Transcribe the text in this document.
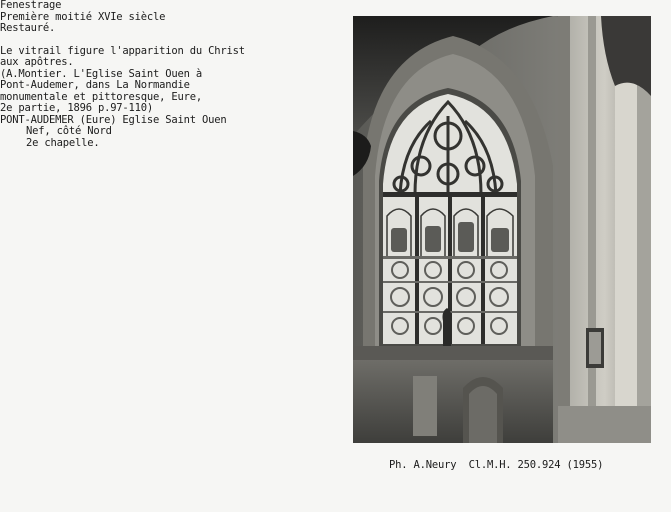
Fenestrage
Première moitié XVIe siècle
Restauré.
Le vitrail figure l'apparition du Christ
aux apôtres.
(A.Montier. L'Eglise Saint Ouen à
Pont-Audemer, dans La Normandie
monumentale et pittoresque, Eure,
2e partie, 1896 p.97-110)
PONT-AUDEMER (Eure) Eglise Saint Ouen
Nef, côté Nord
2e chapelle.
Ph. A.Neury  Cl.M.H. 250.924 (1955)
